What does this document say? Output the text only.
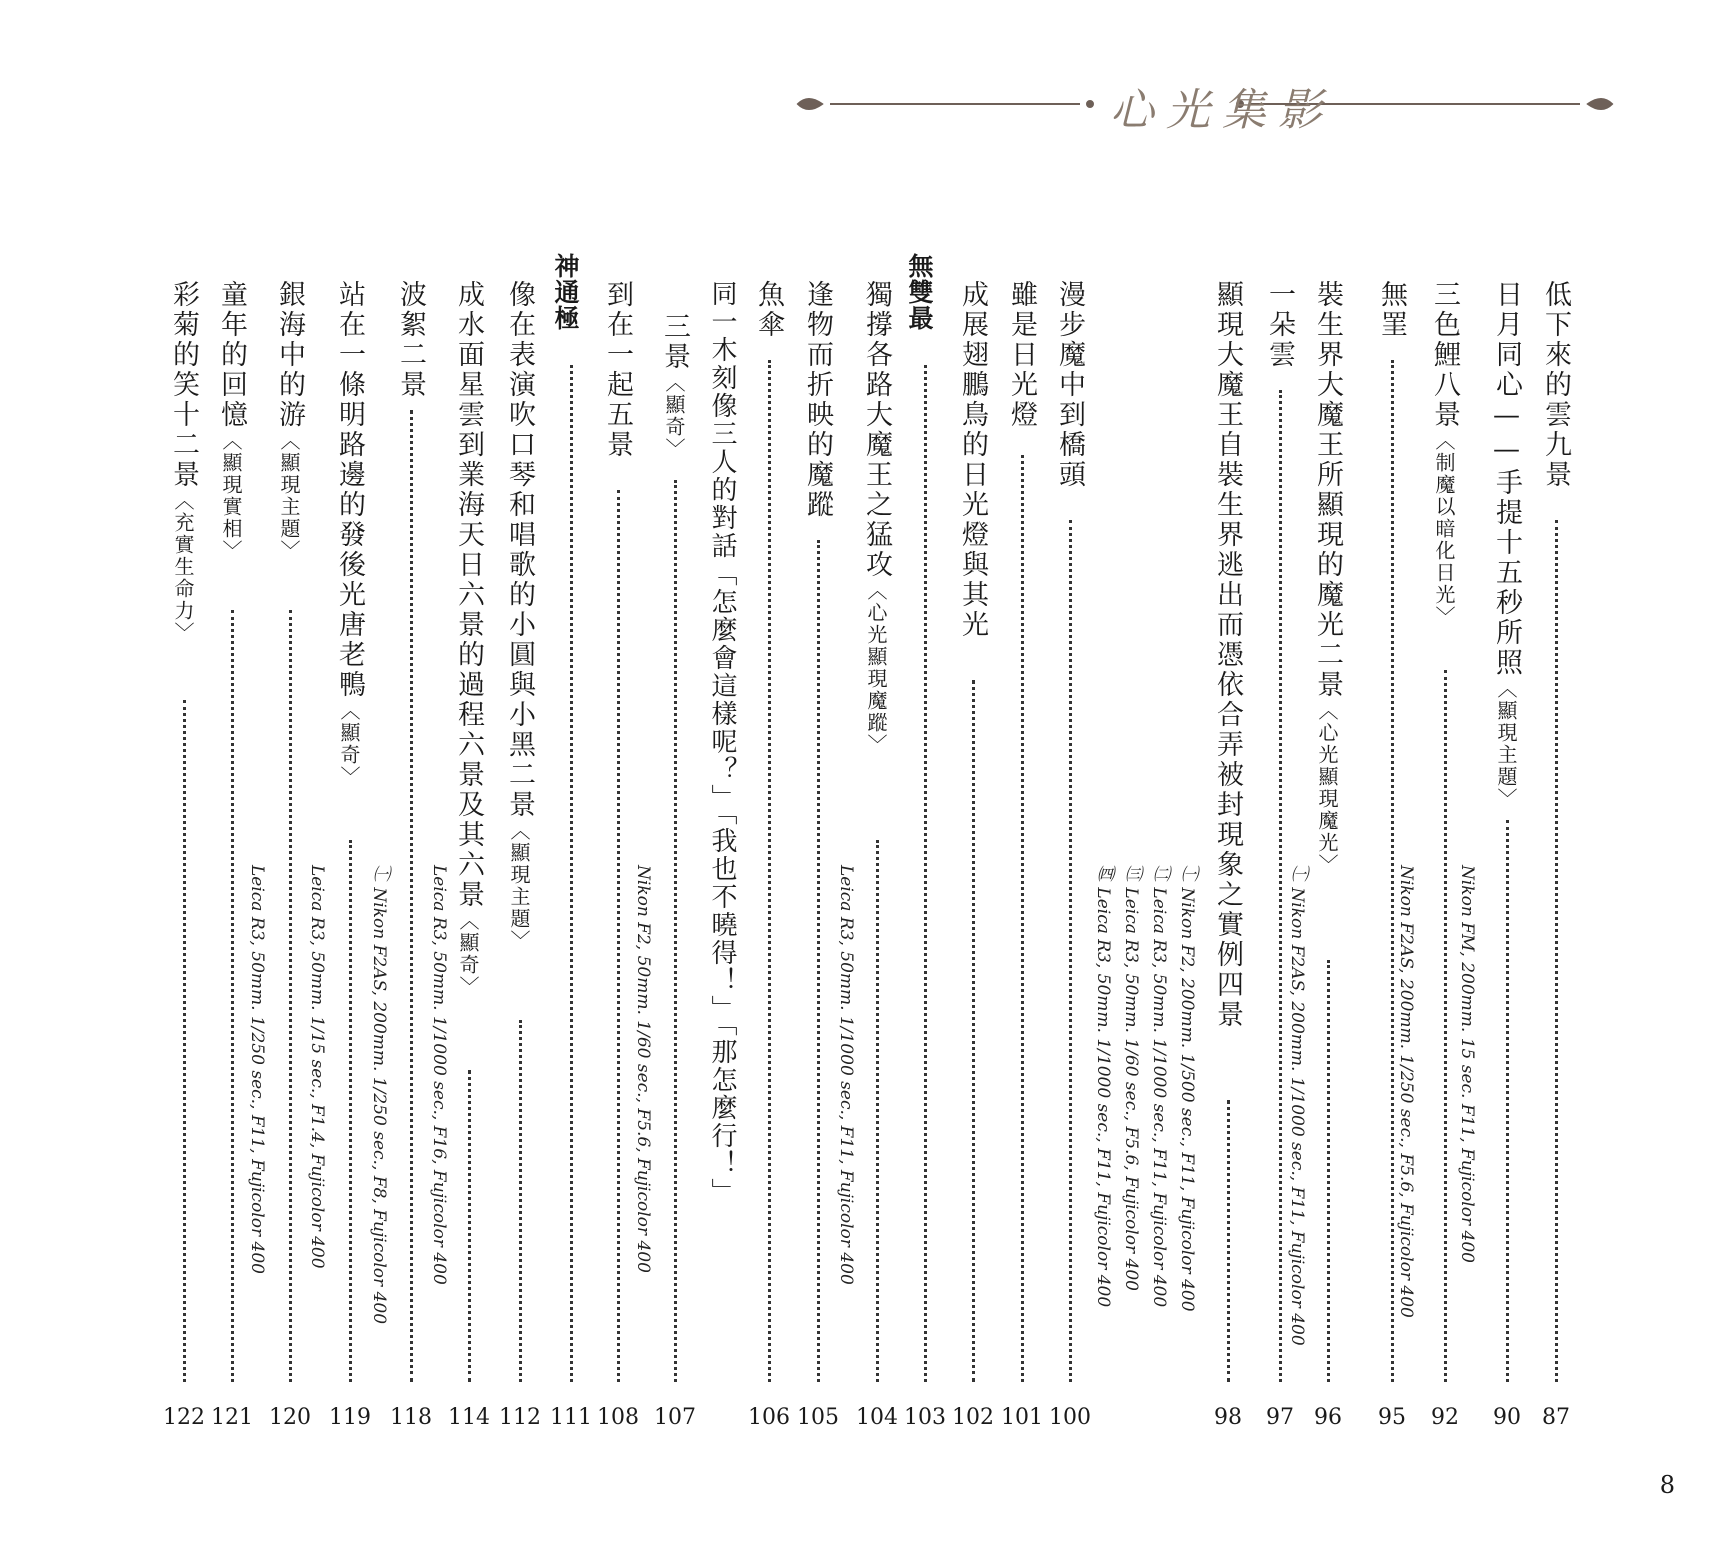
心光集影
低下來的雲九景
87
日月同心——手提十五秒所照〈顯現主題〉
90
三色鯉八景〈制魔以暗化日光〉
92
無罣
95
裝生界大魔王所顯現的魔光二景〈心光顯現魔光〉
96
一朵雲
97
顯現大魔王自裝生界逃出而憑依合弄被封現象之實例四景
98
漫步魔中到橋頭
100
雖是日光燈
101
成展翅鵬鳥的日光燈與其光
102
無雙最
103
獨撐各路大魔王之猛攻〈心光顯現魔蹤〉
104
逢物而折映的魔蹤
105
魚傘
106
同一木刻像三人的對話「怎麼會這樣呢？」「我也不曉得！」「那怎麼行！」
三景〈顯奇〉
107
到在一起五景
108
神通極
111
像在表演吹口琴和唱歌的小圓與小黑二景〈顯現主題〉
112
成水面星雲到業海天日六景的過程六景及其六景〈顯奇〉
114
波絮二景
118
站在一條明路邊的發後光唐老鴨〈顯奇〉
119
銀海中的游〈顯現主題〉
120
童年的回憶〈顯現實相〉
121
彩菊的笑十二景〈充實生命力〉
122
Nikon FM, 200mm. 15 sec. F11, Fujicolor 400
Nikon F2AS, 200mm. 1/250 sec., F5.6, Fujicolor 400
㈠ Nikon F2AS, 200mm. 1/1000 sec., F11, Fujicolor 400
㈠ Nikon F2, 200mm. 1/500 sec., F11, Fujicolor 400
㈡ Leica R3, 50mm. 1/1000 sec., F11, Fujicolor 400
㈢ Leica R3, 50mm. 1/60 sec., F5.6, Fujicolor 400
㈣ Leica R3, 50mm. 1/1000 sec., F11, Fujicolor 400
Leica R3, 50mm. 1/1000 sec., F11, Fujicolor 400
Nikon F2, 50mm. 1/60 sec., F5.6, Fujicolor 400
Leica R3, 50mm. 1/1000 sec., F16, Fujicolor 400
㈠ Nikon F2AS, 200mm. 1/250 sec., F8, Fujicolor 400
Leica R3, 50mm. 1/15 sec., F1.4, Fujicolor 400
Leica R3, 50mm. 1/250 sec., F11, Fujicolor 400
8
